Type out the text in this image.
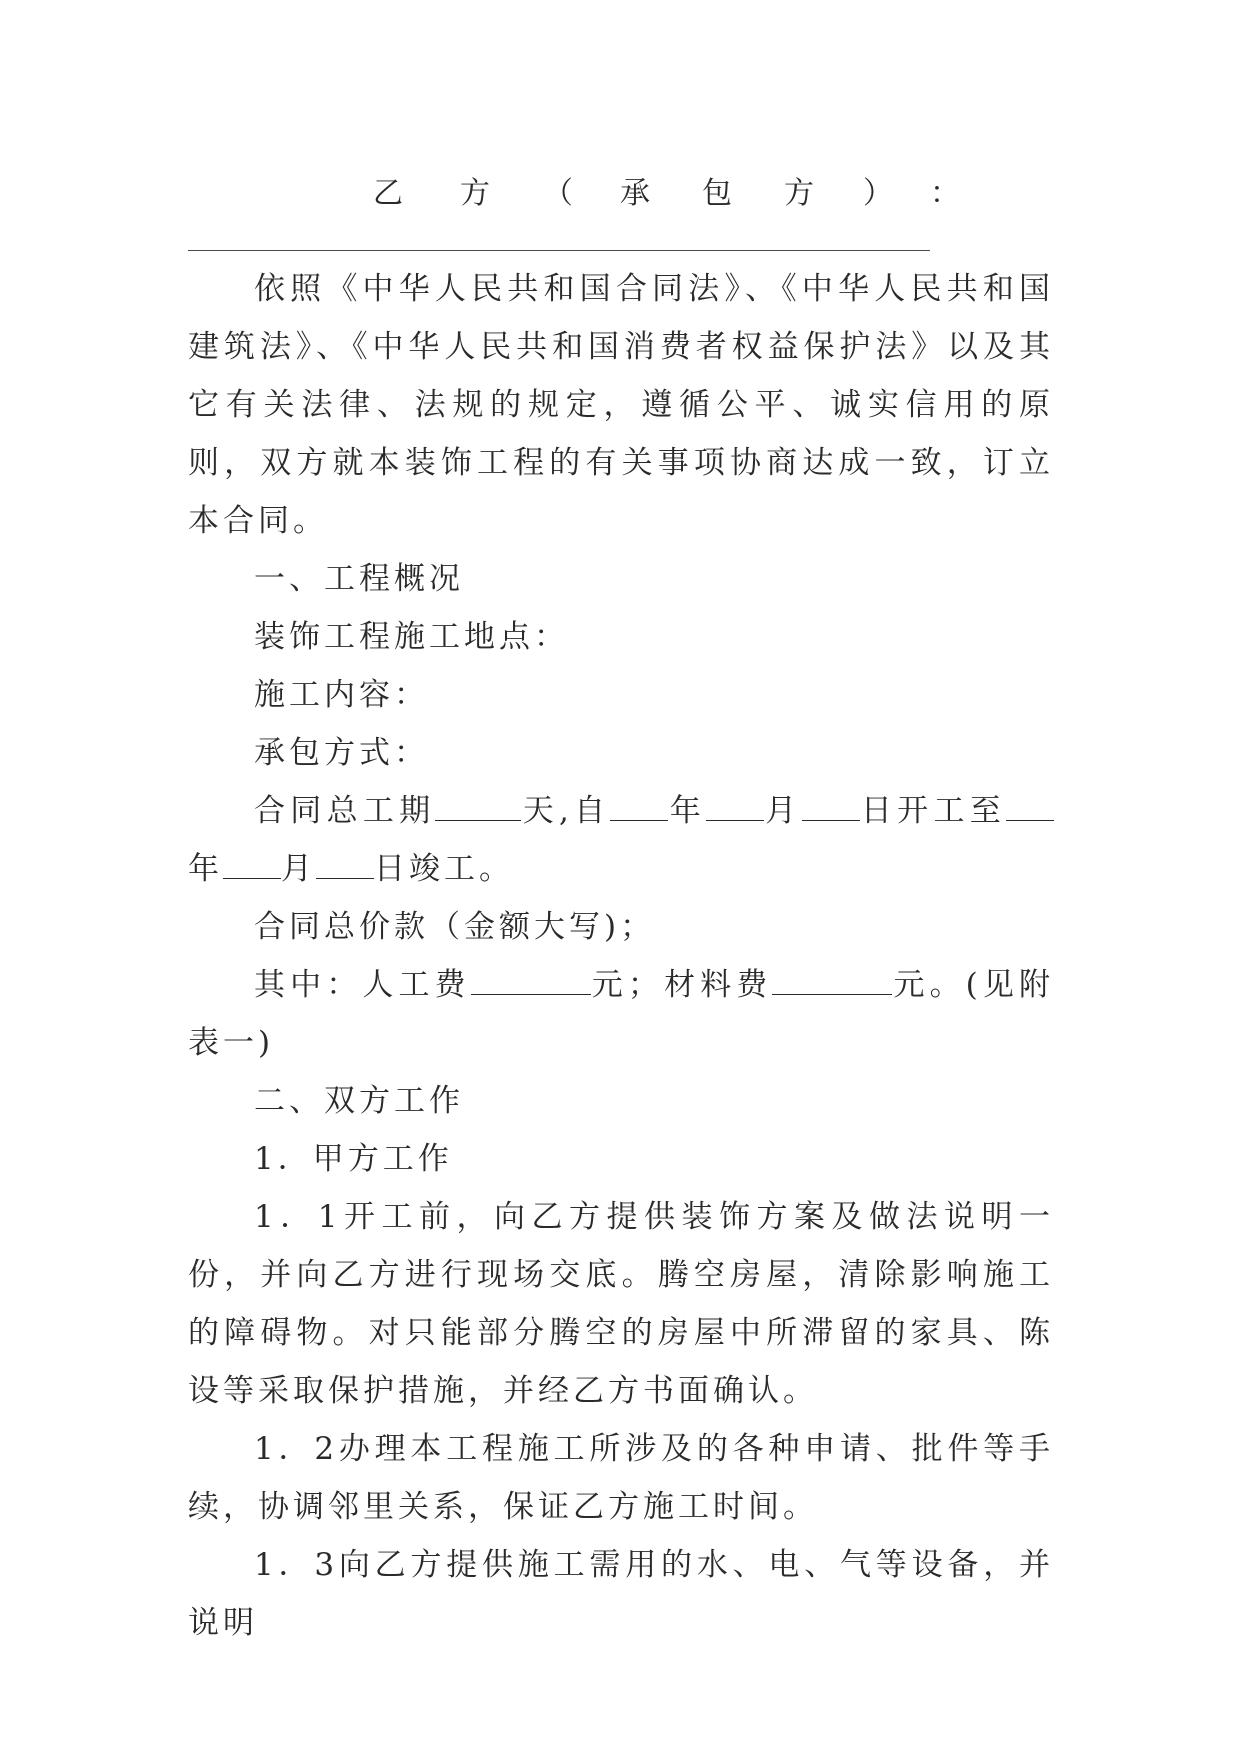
乙 方 （ 承 包 方 ） ：

依照《中华人民共和国合同法》、《中华人民共和国建筑法》、《中华人民共和国消费者权益保护法》以及其它有关法律、法规的规定，遵循公平、诚实信用的原则，双方就本装饰工程的有关事项协商达成一致，订立本合同。

一、工程概况

装饰工程施工地点：

施工内容：

承包方式：

合同总工期	天,自 年 月 日开工至年 月 日竣工。

合同总价款（金额大写)；

其中：人工费	元；材料费	元。(见附表一)

二、双方工作

1．甲方工作

1．1开工前，向乙方提供装饰方案及做法说明一份，并向乙方进行现场交底。腾空房屋，清除影响施工的障碍物。对只能部分腾空的房屋中所滞留的家具、陈设等采取保护措施，并经乙方书面确认。

1．2办理本工程施工所涉及的各种申请、批件等手续，协调邻里关系，保证乙方施工时间。

1．3向乙方提供施工需用的水、电、气等设备，并说明
